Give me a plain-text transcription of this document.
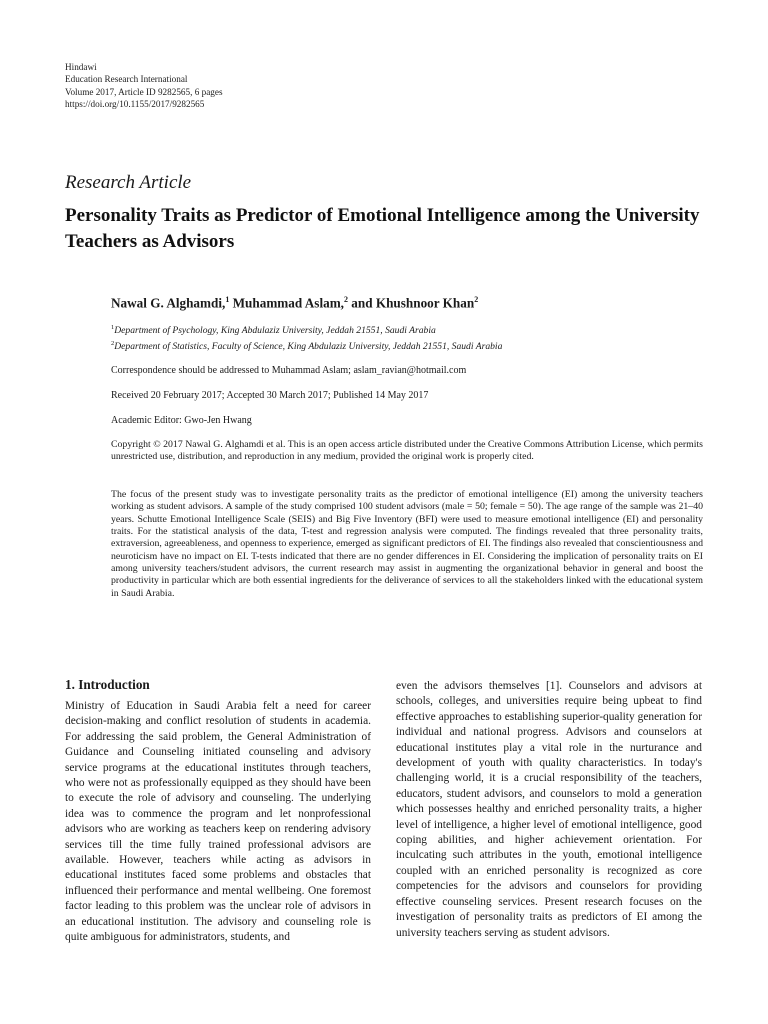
Hindawi
Education Research International
Volume 2017, Article ID 9282565, 6 pages
https://doi.org/10.1155/2017/9282565
Research Article
Personality Traits as Predictor of Emotional Intelligence among the University Teachers as Advisors
Nawal G. Alghamdi,$^1$ Muhammad Aslam,$^2$ and Khushnoor Khan$^2$
$^1$Department of Psychology, King Abdulaziz University, Jeddah 21551, Saudi Arabia
$^2$Department of Statistics, Faculty of Science, King Abdulaziz University, Jeddah 21551, Saudi Arabia
Correspondence should be addressed to Muhammad Aslam; aslam_ravian@hotmail.com
Received 20 February 2017; Accepted 30 March 2017; Published 14 May 2017
Academic Editor: Gwo-Jen Hwang
Copyright © 2017 Nawal G. Alghamdi et al. This is an open access article distributed under the Creative Commons Attribution License, which permits unrestricted use, distribution, and reproduction in any medium, provided the original work is properly cited.
The focus of the present study was to investigate personality traits as the predictor of emotional intelligence (EI) among the university teachers working as student advisors. A sample of the study comprised 100 student advisors (male = 50; female = 50). The age range of the sample was 21–40 years. Schutte Emotional Intelligence Scale (SEIS) and Big Five Inventory (BFI) were used to measure emotional intelligence (EI) and personality traits. For the statistical analysis of the data, T-test and regression analysis were computed. The findings revealed that three personality traits, extraversion, agreeableness, and openness to experience, emerged as significant predictors of EI. The findings also revealed that conscientiousness and neuroticism have no impact on EI. T-tests indicated that there are no gender differences in EI. Considering the implication of personality traits on EI among university teachers/student advisors, the current research may assist in augmenting the organizational behavior in general and boost the productivity in particular which are both essential ingredients for the deliverance of services to all the stakeholders linked with the educational system in Saudi Arabia.
1. Introduction
Ministry of Education in Saudi Arabia felt a need for career decision-making and conflict resolution of students in academia. For addressing the said problem, the General Administration of Guidance and Counseling initiated counseling and advisory service programs at the educational institutes through teachers, who were not as professionally equipped as they should have been to execute the role of advisory and counseling. The underlying idea was to commence the program and let nonprofessional advisors who are working as teachers keep on rendering advisory services till the time fully trained professional advisors are available. However, teachers while acting as advisors in educational institutes faced some problems and obstacles that influenced their performance and mental wellbeing. One foremost factor leading to this problem was the unclear role of advisors in an educational institution. The advisory and counseling role is quite ambiguous for administrators, students, and
even the advisors themselves [1]. Counselors and advisors at schools, colleges, and universities require being upbeat to find effective approaches to establishing superior-quality generation for individual and national progress. Advisors and counselors at educational institutes play a vital role in the nurturance and development of youth with quality characteristics. In today's challenging world, it is a crucial responsibility of the teachers, educators, student advisors, and counselors to mold a generation which possesses healthy and enriched personality traits, a higher level of intelligence, a higher level of emotional intelligence, good coping abilities, and higher achievement orientation. For inculcating such attributes in the youth, emotional intelligence coupled with an enriched personality is recognized as core competencies for the advisors and counselors for providing effective counseling services. Present research focuses on the investigation of personality traits as predictors of EI among the university teachers serving as student advisors.
